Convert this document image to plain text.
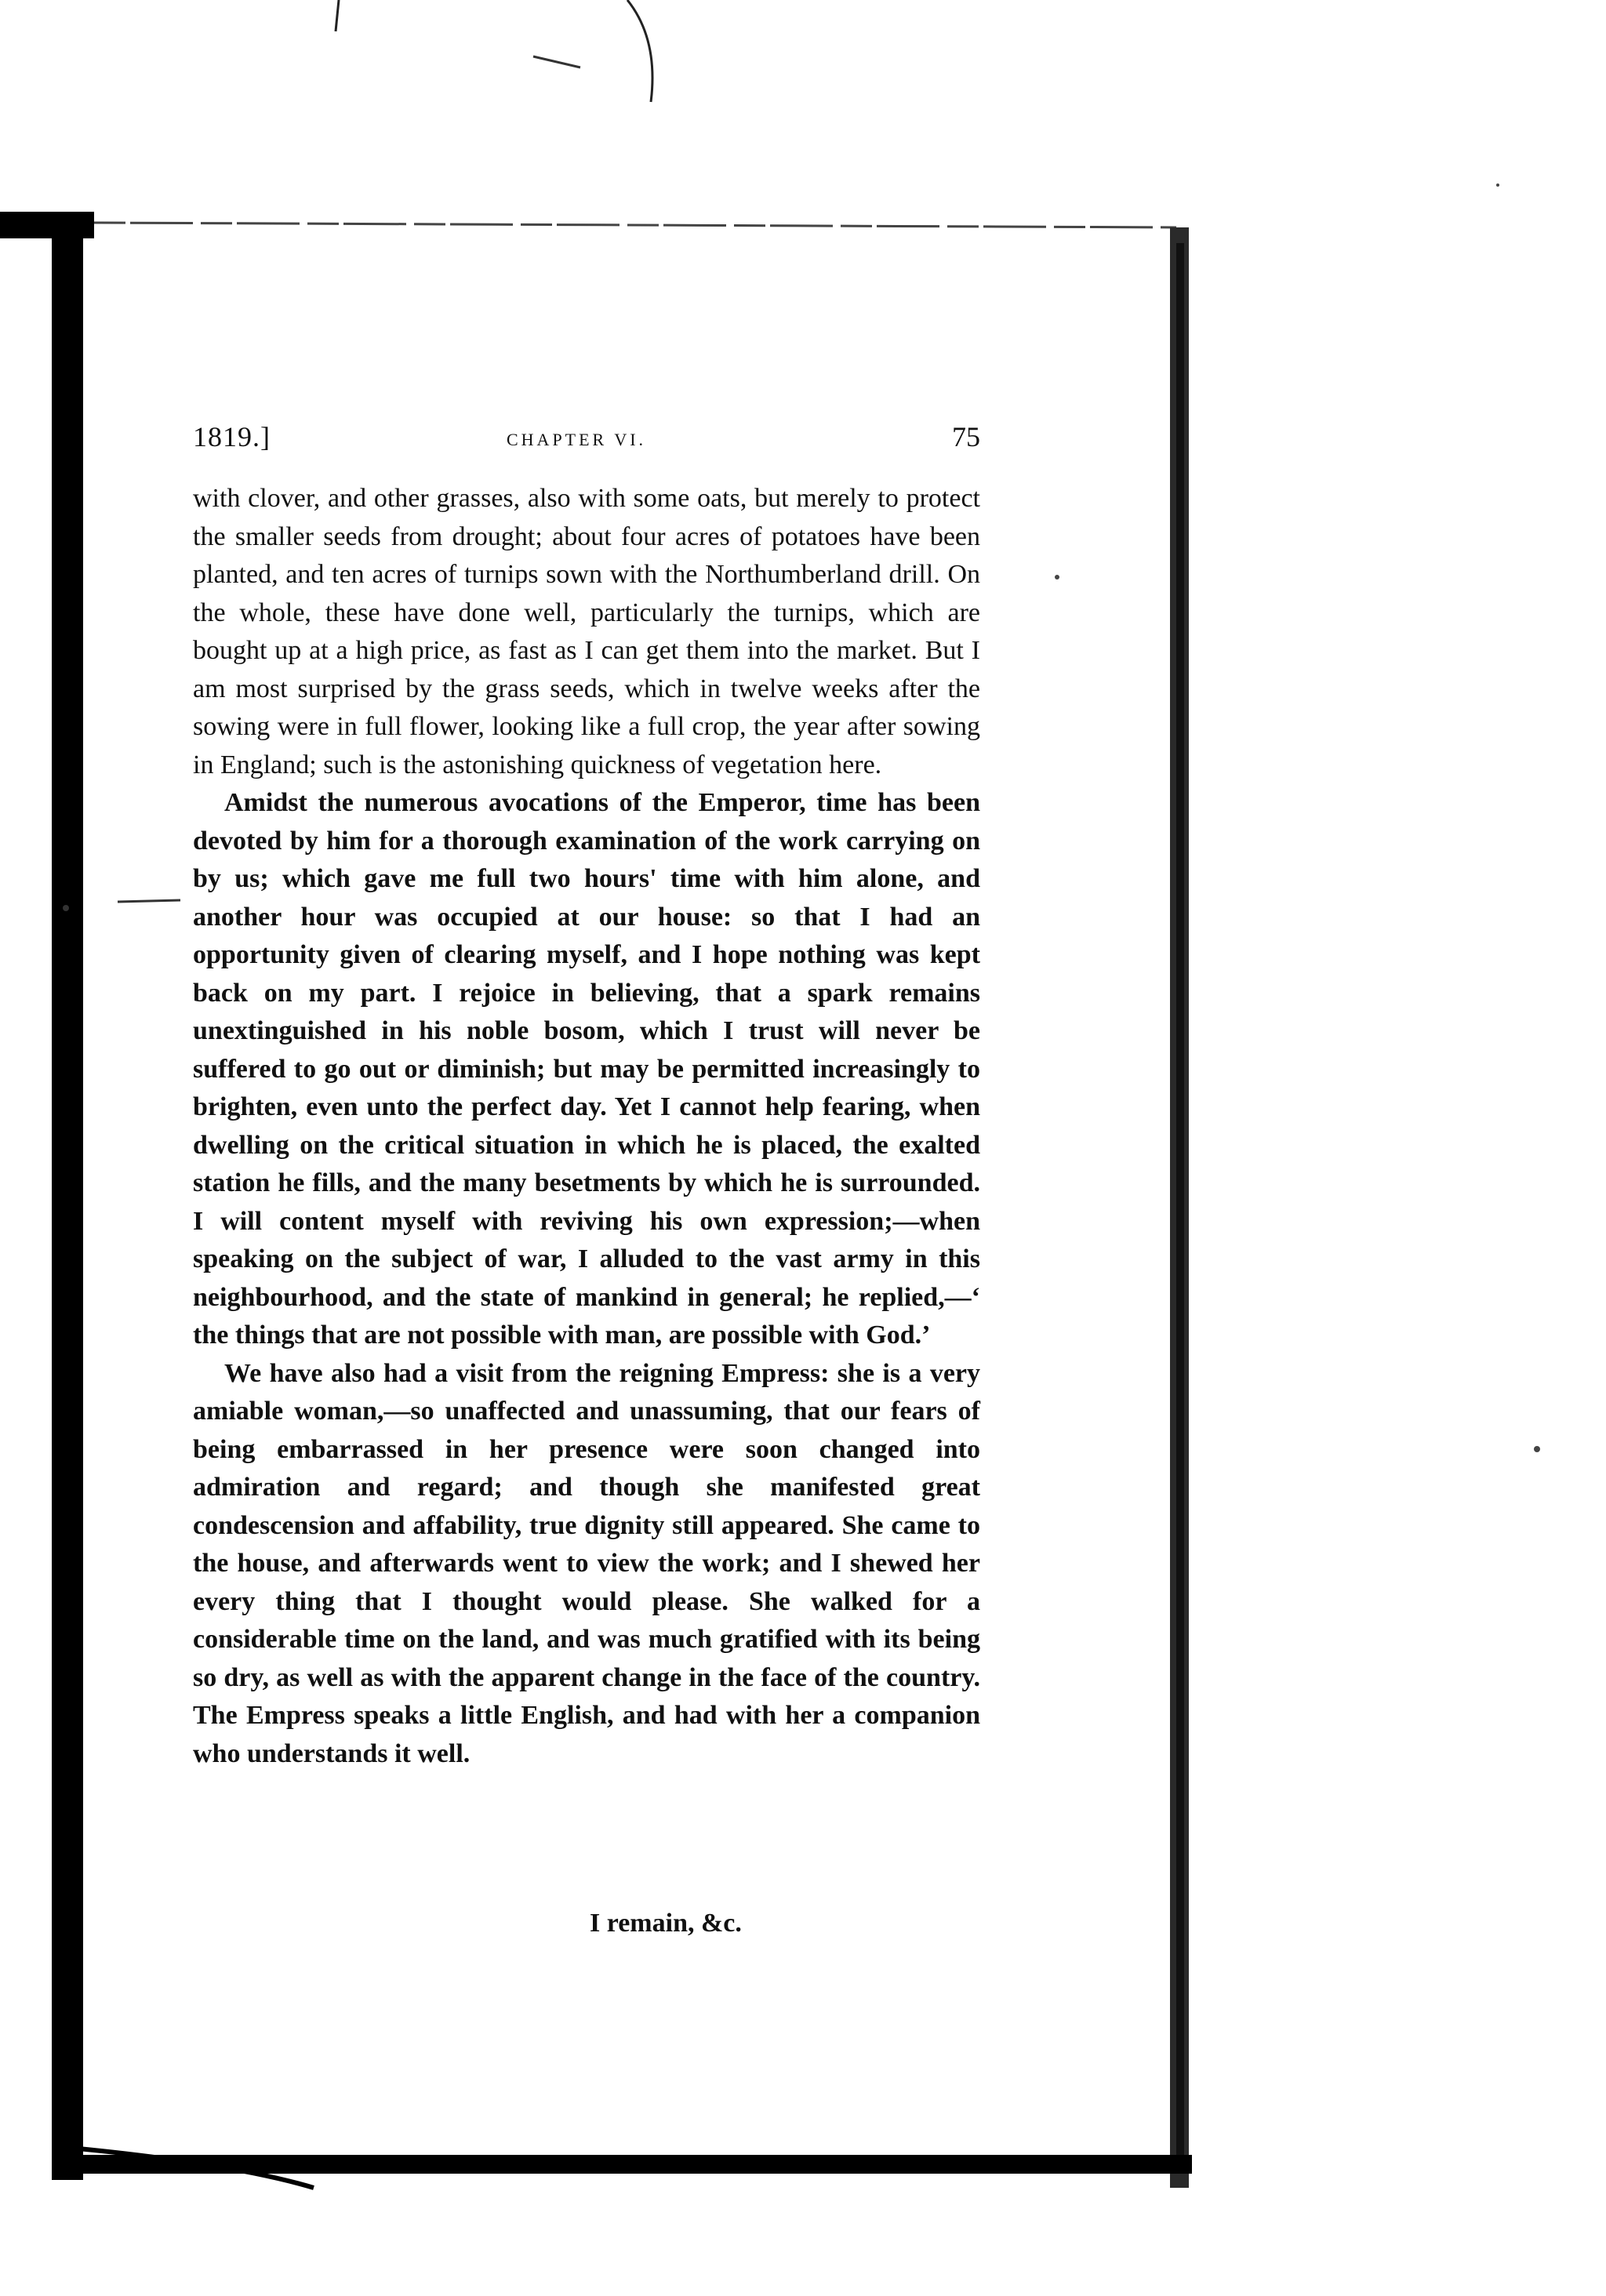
1819.]	CHAPTER VI.	75

with clover, and other grasses, also with some oats, but merely to protect the smaller seeds from drought; about four acres of potatoes have been planted, and ten acres of turnips sown with the Northumberland drill. On the whole, these have done well, particularly the turnips, which are bought up at a high price, as fast as I can get them into the market. But I am most surprised by the grass seeds, which in twelve weeks after the sowing were in full flower, looking like a full crop, the year after sowing in England; such is the astonishing quickness of vegetation here.

Amidst the numerous avocations of the Emperor, time has been devoted by him for a thorough examination of the work carrying on by us; which gave me full two hours' time with him alone, and another hour was occupied at our house: so that I had an opportunity given of clearing myself, and I hope nothing was kept back on my part. I rejoice in believing, that a spark remains unextinguished in his noble bosom, which I trust will never be suffered to go out or diminish; but may be permitted increasingly to brighten, even unto the perfect day. Yet I cannot help fearing, when dwelling on the critical situation in which he is placed, the exalted station he fills, and the many besetments by which he is surrounded. I will content myself with reviving his own expression;—when speaking on the subject of war, I alluded to the vast army in this neighbourhood, and the state of mankind in general; he replied,—‘ the things that are not possible with man, are possible with God.’

We have also had a visit from the reigning Empress: she is a very amiable woman,—so unaffected and unassuming, that our fears of being embarrassed in her presence were soon changed into admiration and regard; and though she manifested great condescension and affability, true dignity still appeared. She came to the house, and afterwards went to view the work; and I shewed her every thing that I thought would please. She walked for a considerable time on the land, and was much gratified with its being so dry, as well as with the apparent change in the face of the country. The Empress speaks a little English, and had with her a companion who understands it well.

I remain, &c.
